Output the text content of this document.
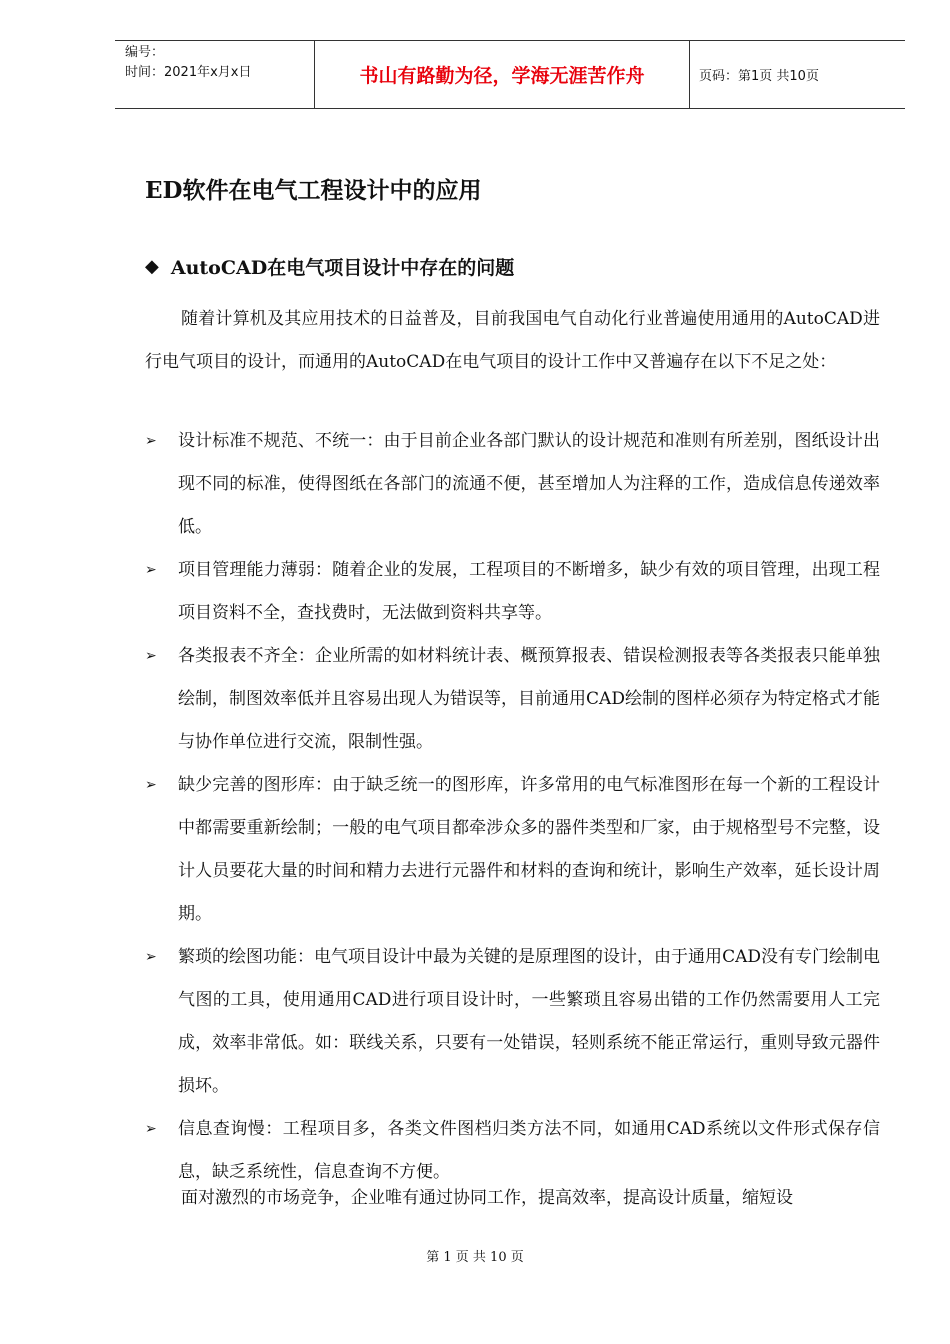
编号：
时间：2021年x月x日	书山有路勤为径，学海无涯苦作舟	页码：第1页 共10页
ED软件在电气工程设计中的应用
◆ AutoCAD在电气项目设计中存在的问题
随着计算机及其应用技术的日益普及，目前我国电气自动化行业普遍使用通用的AutoCAD进行电气项目的设计，而通用的AutoCAD在电气项目的设计工作中又普遍存在以下不足之处：
➢ 设计标准不规范、不统一：由于目前企业各部门默认的设计规范和准则有所差别，图纸设计出现不同的标准，使得图纸在各部门的流通不便，甚至增加人为注释的工作，造成信息传递效率低。
➢ 项目管理能力薄弱：随着企业的发展，工程项目的不断增多，缺少有效的项目管理，出现工程项目资料不全，查找费时，无法做到资料共享等。
➢ 各类报表不齐全：企业所需的如材料统计表、概预算报表、错误检测报表等各类报表只能单独绘制，制图效率低并且容易出现人为错误等，目前通用CAD绘制的图样必须存为特定格式才能与协作单位进行交流，限制性强。
➢ 缺少完善的图形库：由于缺乏统一的图形库，许多常用的电气标准图形在每一个新的工程设计中都需要重新绘制；一般的电气项目都牵涉众多的器件类型和厂家，由于规格型号不完整，设计人员要花大量的时间和精力去进行元器件和材料的查询和统计，影响生产效率，延长设计周期。
➢ 繁琐的绘图功能：电气项目设计中最为关键的是原理图的设计，由于通用CAD没有专门绘制电气图的工具，使用通用CAD进行项目设计时，一些繁琐且容易出错的工作仍然需要用人工完成，效率非常低。如：联线关系，只要有一处错误，轻则系统不能正常运行，重则导致元器件损坏。
➢ 信息查询慢：工程项目多，各类文件图档归类方法不同，如通用CAD系统以文件形式保存信息，缺乏系统性，信息查询不方便。
面对激烈的市场竞争，企业唯有通过协同工作，提高效率，提高设计质量，缩短设
第 1 页 共 10 页
